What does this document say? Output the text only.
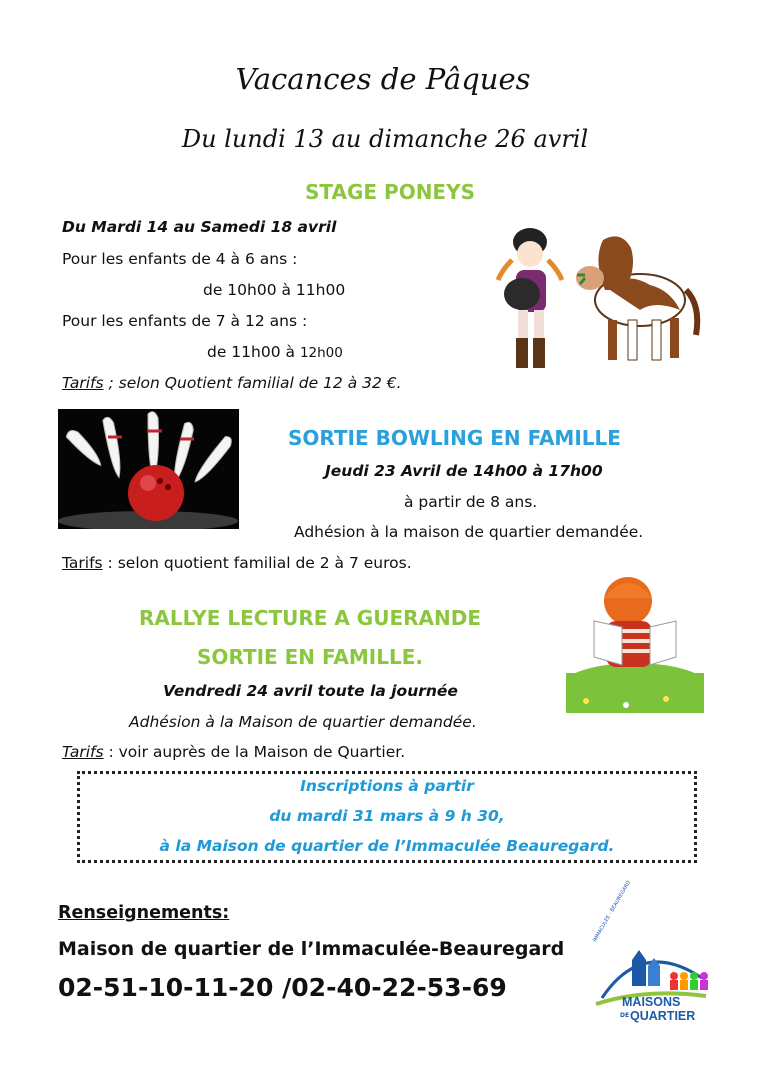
Vacances de Pâques
Du lundi 13 au dimanche 26 avril
STAGE PONEYS
Du Mardi 14 au Samedi 18 avril
Pour les enfants de 4 à 6 ans :
de 10h00 à 11h00
Pour les enfants de 7 à 12 ans :
de 11h00 à 12h00
Tarifs ; selon Quotient familial de 12 à 32 €.
SORTIE BOWLING EN FAMILLE
Jeudi 23 Avril de 14h00 à 17h00
à partir de 8 ans.
Adhésion à la maison de quartier demandée.
Tarifs : selon quotient familial de 2 à 7 euros.
RALLYE LECTURE A GUERANDE
SORTIE EN FAMILLE.
Vendredi 24 avril toute la journée
Adhésion à la Maison de quartier demandée.
Tarifs : voir auprès de la Maison de Quartier.
Inscriptions à partir
du mardi 31 mars à 9 h 30,
à la Maison de quartier de l’Immaculée Beauregard.
Renseignements:
Maison de quartier de l’Immaculée-Beauregard
02-51-10-11-20 /02-40-22-53-69
IMMACULÉE - BEAUREGARD
MAISONS
DE QUARTIER
